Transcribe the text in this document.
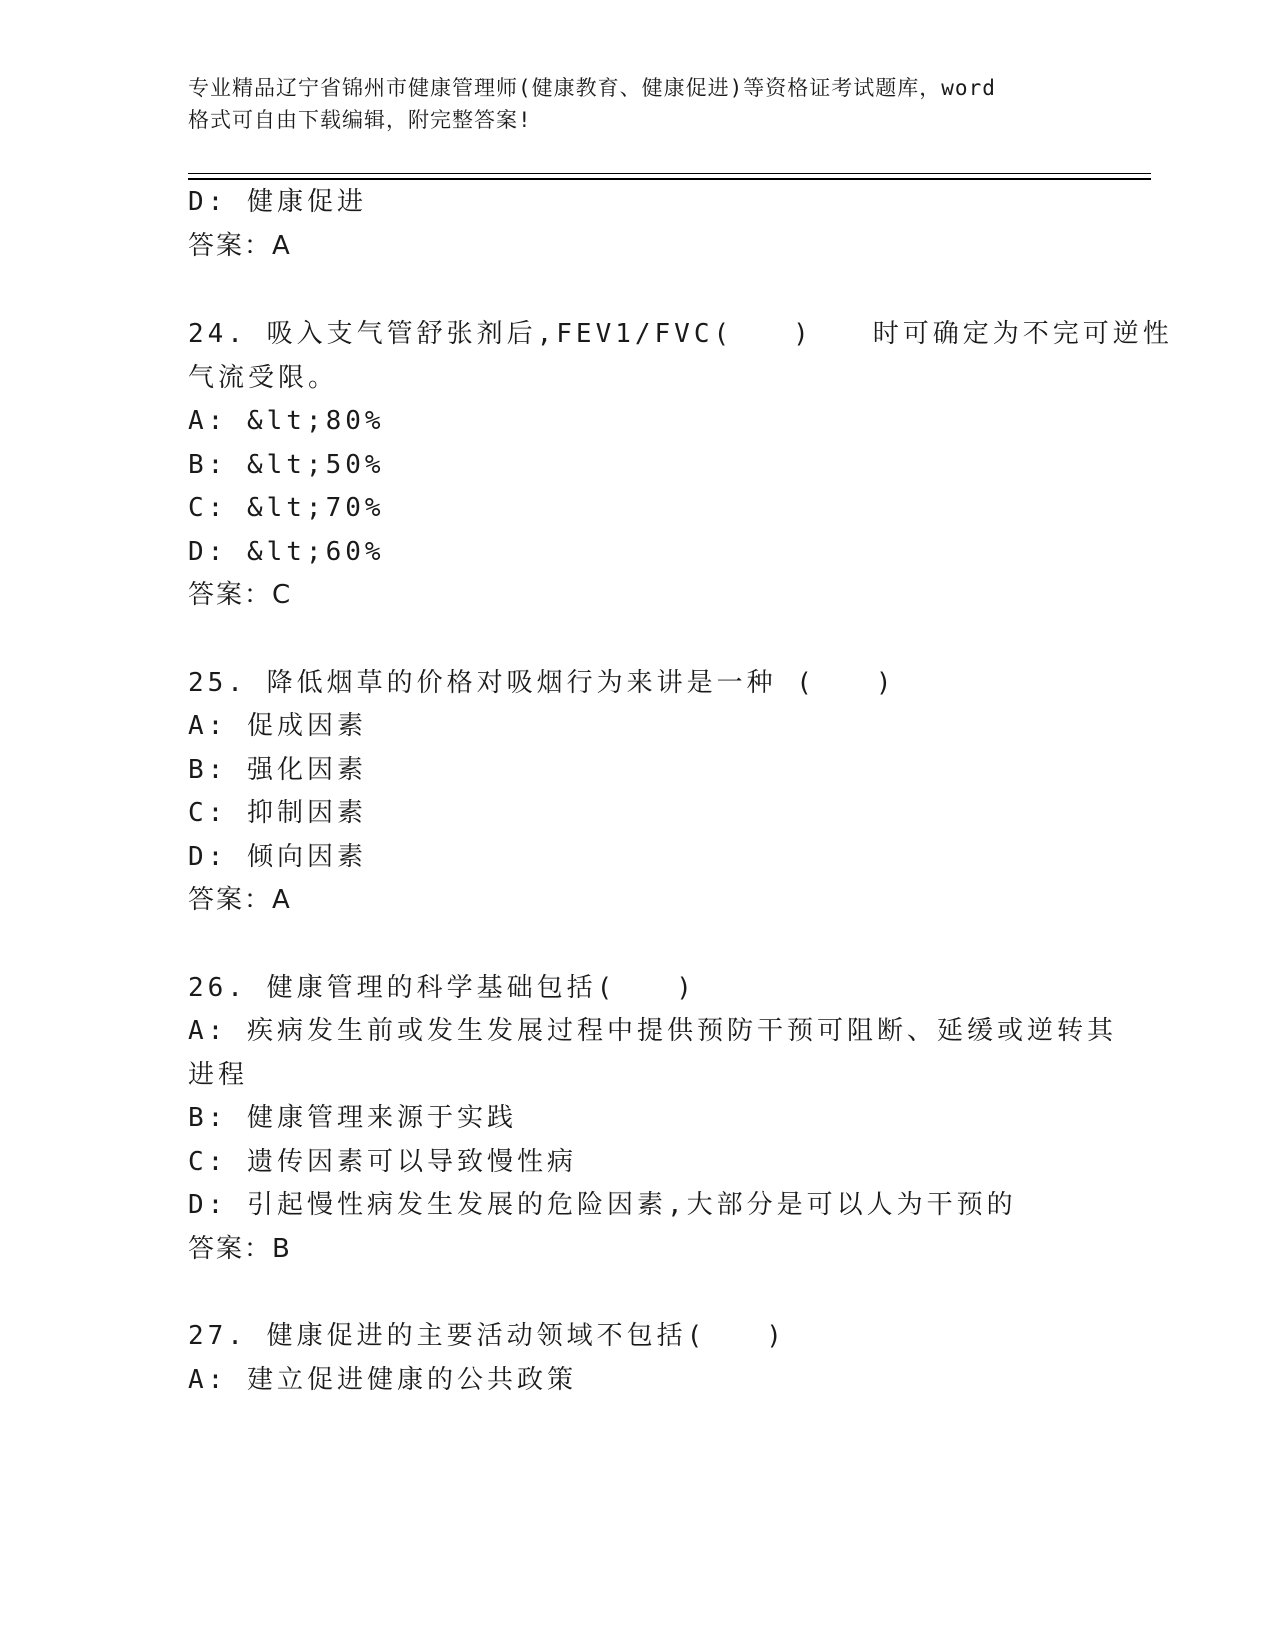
专业精品辽宁省锦州市健康管理师(健康教育、健康促进)等资格证考试题库，word
格式可自由下载编辑，附完整答案!
D: 健康促进
答案：A
24. 吸入支气管舒张剂后,FEV1/FVC(　　)　　时可确定为不完可逆性
气流受限。
A: &lt;80%
B: &lt;50%
C: &lt;70%
D: &lt;60%
答案：C
25. 降低烟草的价格对吸烟行为来讲是一种 (　　)
A: 促成因素
B: 强化因素
C: 抑制因素
D: 倾向因素
答案：A
26. 健康管理的科学基础包括(　　)
A: 疾病发生前或发生发展过程中提供预防干预可阻断、延缓或逆转其
进程
B: 健康管理来源于实践
C: 遗传因素可以导致慢性病
D: 引起慢性病发生发展的危险因素,大部分是可以人为干预的
答案：B
27. 健康促进的主要活动领域不包括(　　)
A: 建立促进健康的公共政策
